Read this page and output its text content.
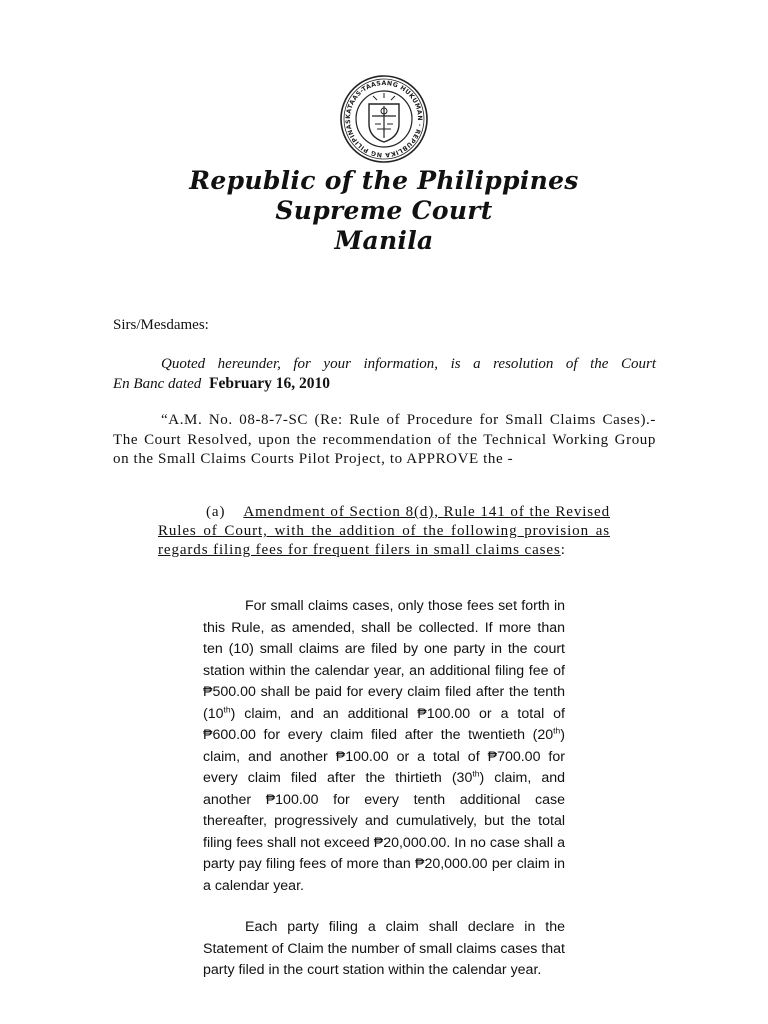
KATAAS-TAASANG HUKUMAN · REPUBLIKA NG PILIPINAS
Republic of the Philippines
Supreme Court
Manila
Sirs/Mesdames:
Quoted hereunder, for your information, is a resolution of the Court
En Banc dated February 16, 2010
“A.M. No. 08-8-7-SC (Re: Rule of Procedure for Small Claims Cases).- The Court Resolved, upon the recommendation of the Technical Working Group on the Small Claims Courts Pilot Project, to APPROVE the -
(a) Amendment of Section 8(d), Rule 141 of the Revised Rules of Court, with the addition of the following provision as regards filing fees for frequent filers in small claims cases:

For small claims cases, only those fees set forth in this Rule, as amended, shall be collected. If more than ten (10) small claims are filed by one party in the court station within the calendar year, an additional filing fee of ₱500.00 shall be paid for every claim filed after the tenth (10th) claim, and an additional ₱100.00 or a total of ₱600.00 for every claim filed after the twentieth (20th) claim, and another ₱100.00 or a total of ₱700.00 for every claim filed after the thirtieth (30th) claim, and another ₱100.00 for every tenth additional case thereafter, progressively and cumulatively, but the total filing fees shall not exceed ₱20,000.00. In no case shall a party pay filing fees of more than ₱20,000.00 per claim in a calendar year.

Each party filing a claim shall declare in the Statement of Claim the number of small claims cases that party filed in the court station within the calendar year.
